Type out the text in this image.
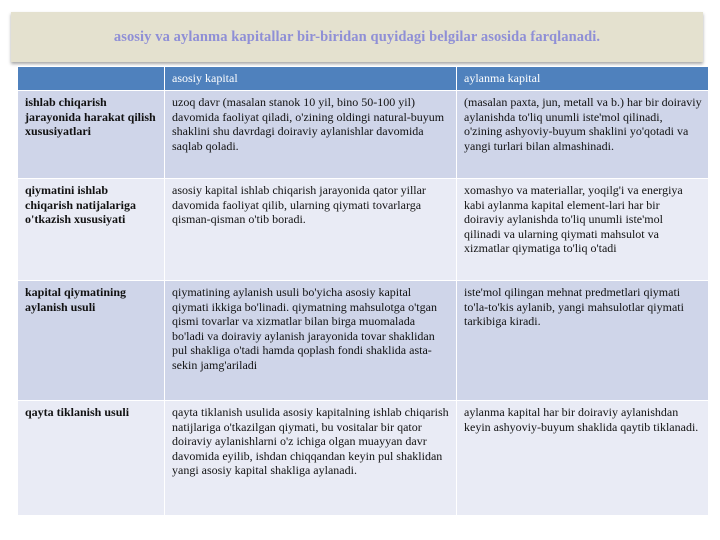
asosiy va aylanma kapitallar bir-biridan quyidagi belgilar asosida farqlanadi.
	asosiy kapital	aylanma kapital
ishlab chiqarish jarayonida harakat qilish xususiyatlari	uzoq davr (masalan stanok 10 yil, bino 50-100 yil) davomida faoliyat qiladi, o'zining oldingi natural-buyum shaklini shu davrdagi doiraviy aylanishlar davomida saqlab qoladi.	(masalan paxta, jun, metall va b.) har bir doiraviy aylanishda to'liq unumli iste'mol qilinadi, o'zining ashyoviy-buyum shaklini yo'qotadi va yangi turlari bilan almashinadi.
qiymatini ishlab chiqarish natijalariga o'tkazish xususiyati	asosiy kapital ishlab chiqarish jarayonida qator yillar davomida faoliyat qilib, ularning qiymati tovarlarga qisman-qisman o'tib boradi.	xomashyo va materiallar, yoqilg'i va energiya kabi aylanma kapital element-lari har bir doiraviy aylanishda to'liq unumli iste'mol qilinadi va ularning qiymati mahsulot va xizmatlar qiymatiga to'liq o'tadi
kapital qiymatining aylanish usuli	qiymatining aylanish usuli bo'yicha asosiy kapital qiymati ikkiga bo'linadi. qiymatning mahsulotga o'tgan qismi tovarlar va xizmatlar bilan birga muomalada bo'ladi va doiraviy aylanish jarayonida tovar shaklidan pul shakliga o'tadi hamda qoplash fondi shaklida asta-sekin jamg'ariladi	iste'mol qilingan mehnat predmetlari qiymati to'la-to'kis aylanib, yangi mahsulotlar qiymati tarkibiga kiradi.
qayta tiklanish usuli	qayta tiklanish usulida asosiy kapitalning ishlab chiqarish natijlariga o'tkazilgan qiymati, bu vositalar bir qator doiraviy aylanishlarni o'z ichiga olgan muayyan davr davomida eyilib, ishdan chiqqandan keyin pul shaklidan yangi asosiy kapital shakliga aylanadi.	aylanma kapital har bir doiraviy aylanishdan keyin ashyoviy-buyum shaklida qaytib tiklanadi.
